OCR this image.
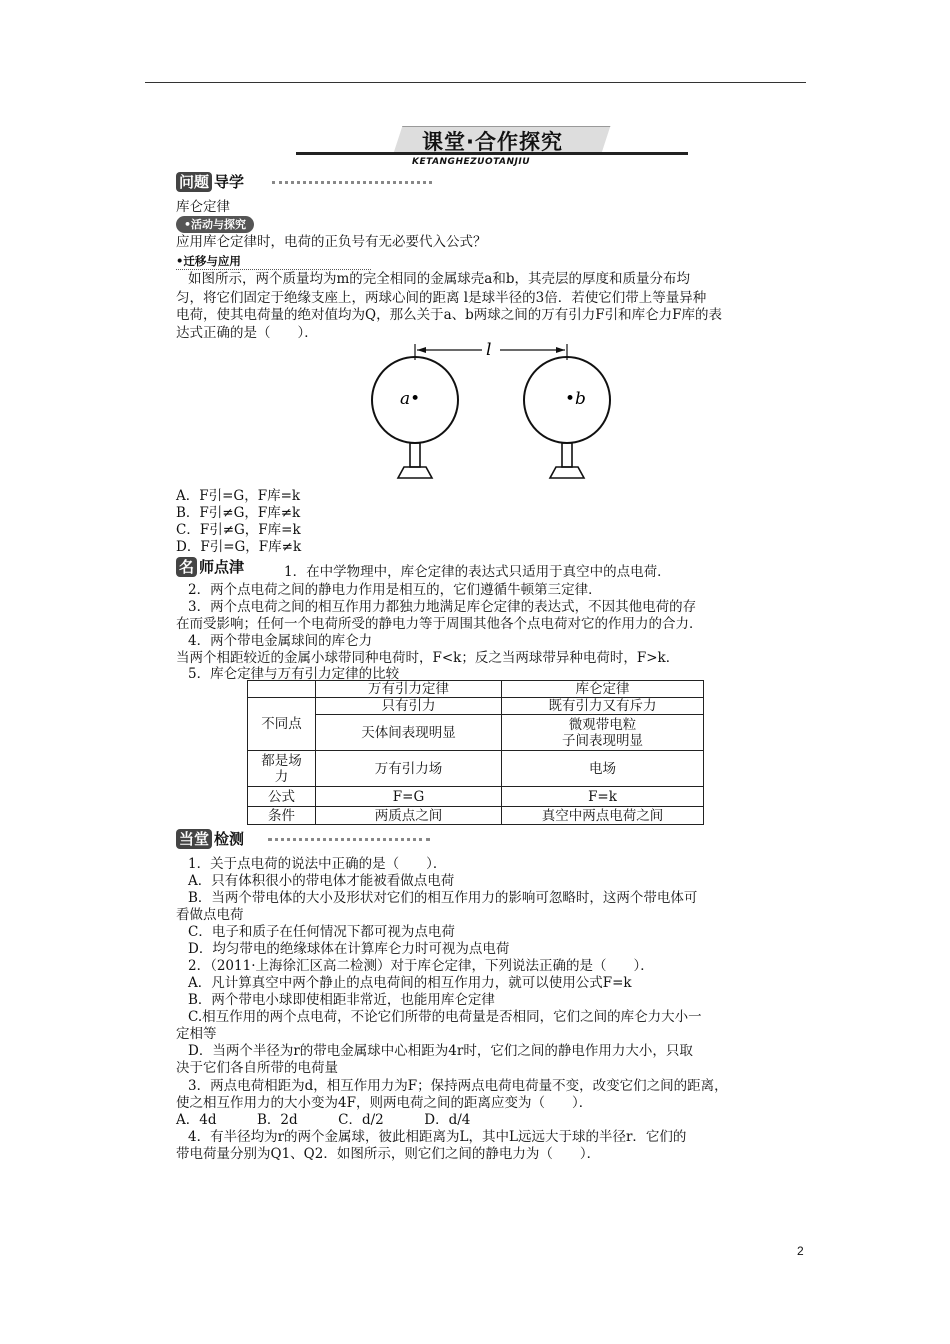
课堂·合作探究
KETANGHEZUOTANJIU
问题 导学
库仑定律
•活动与探究
应用库仑定律时，电荷的正负号有无必要代入公式？
•迁移与应用
如图所示，两个质量均为m的完全相同的金属球壳a和b，其壳层的厚度和质量分布均
匀，将它们固定于绝缘支座上，两球心间的距离 l是球半径的3倍．若使它们带上等量异种
电荷，使其电荷量的绝对值均为Q，那么关于a、b两球之间的万有引力F引和库仑力F库的表
达式正确的是（　　）．
l
a•	•b
A．F引=G，F库=k
B．F引≠G，F库≠k
C．F引≠G，F库=k
D．F引=G，F库≠k
名 师点津	1．在中学物理中，库仑定律的表达式只适用于真空中的点电荷．
2．两个点电荷之间的静电力作用是相互的，它们遵循牛顿第三定律．
3．两个点电荷之间的相互作用力都独力地满足库仑定律的表达式，不因其他电荷的存
在而受影响；任何一个电荷所受的静电力等于周围其他各个点电荷对它的作用力的合力．
4．两个带电金属球间的库仑力
当两个相距较近的金属小球带同种电荷时，F<k；反之当两球带异种电荷时，F>k．
5．库仑定律与万有引力定律的比较
	万有引力定律	库仑定律
不同点	只有引力	既有引力又有斥力
	天体间表现明显	微观带电粒
子间表现明显
都是场
力	万有引力场	电场
公式	F=G	F=k
条件	两质点之间	真空中两点电荷之间
当堂 检测
1．关于点电荷的说法中正确的是（　　）．
A．只有体积很小的带电体才能被看做点电荷
B．当两个带电体的大小及形状对它们的相互作用力的影响可忽略时，这两个带电体可
看做点电荷
C．电子和质子在任何情况下都可视为点电荷
D．均匀带电的绝缘球体在计算库仑力时可视为点电荷
2．（2011·上海徐汇区高二检测）对于库仑定律，下列说法正确的是（　　）．
A．凡计算真空中两个静止的点电荷间的相互作用力，就可以使用公式F=k
B．两个带电小球即使相距非常近，也能用库仑定律
C.相互作用的两个点电荷，不论它们所带的电荷量是否相同，它们之间的库仑力大小一
定相等
D．当两个半径为r的带电金属球中心相距为4r时，它们之间的静电作用力大小，只取
决于它们各自所带的电荷量
3．两点电荷相距为d，相互作用力为F；保持两点电荷电荷量不变，改变它们之间的距离，
使之相互作用力的大小变为4F，则两电荷之间的距离应变为（　　）．
A．4d　　　B．2d　　　C．d/2　　　D．d/4
4．有半径均为r的两个金属球，彼此相距离为L，其中L远远大于球的半径r．它们的
带电荷量分别为Q1、Q2．如图所示，则它们之间的静电力为（　　）．
2
